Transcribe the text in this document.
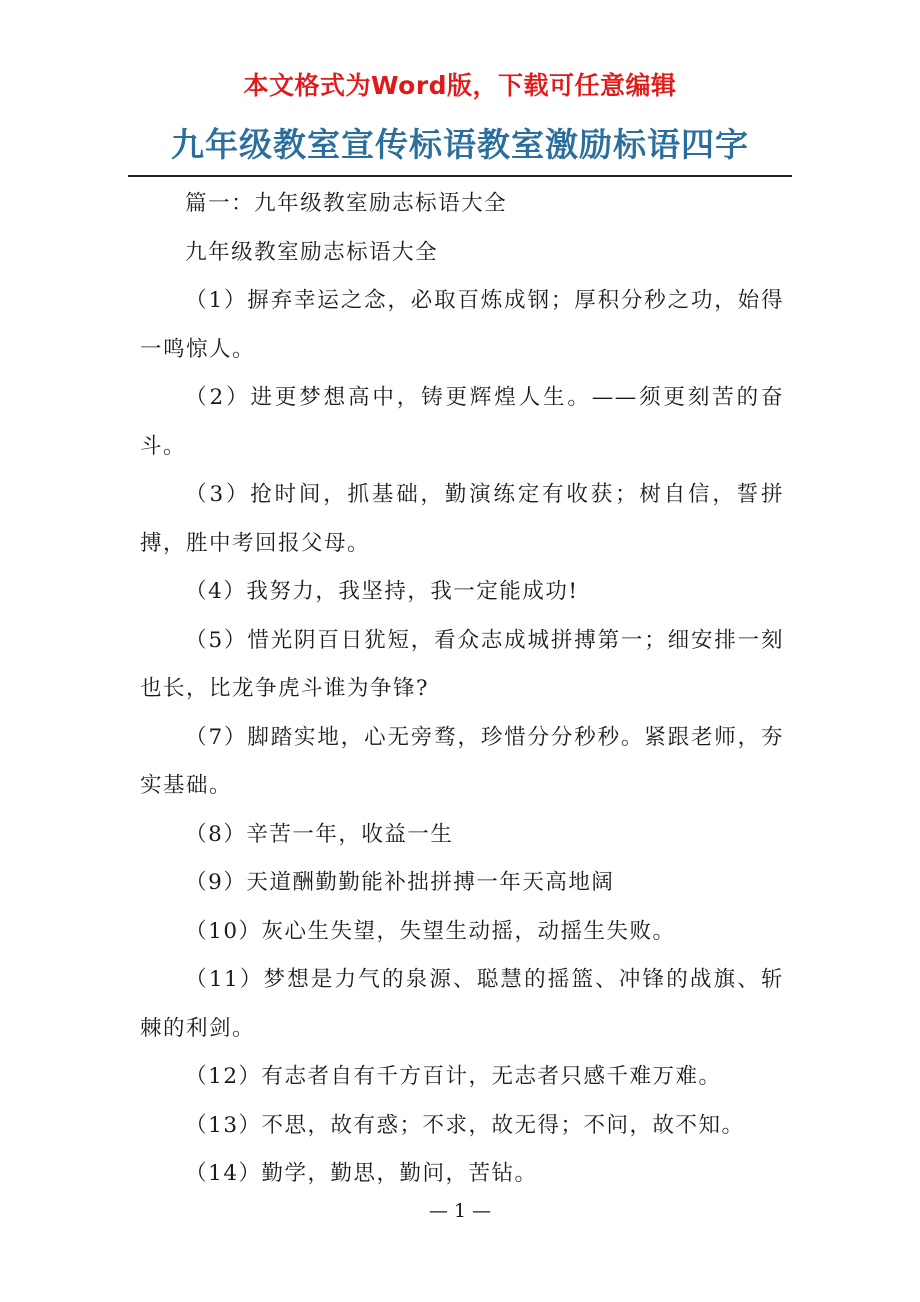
本文格式为Word版，下载可任意编辑
九年级教室宣传标语教室激励标语四字

篇一：九年级教室励志标语大全

九年级教室励志标语大全

（1）摒弃幸运之念，必取百炼成钢；厚积分秒之功，始得一鸣惊人。

（2）进更梦想高中，铸更辉煌人生。——须更刻苦的奋斗。

（3）抢时间，抓基础，勤演练定有收获；树自信，誓拼搏，胜中考回报父母。

（4）我努力，我坚持，我一定能成功!

（5）惜光阴百日犹短，看众志成城拼搏第一；细安排一刻也长，比龙争虎斗谁为争锋?

（7）脚踏实地，心无旁骛，珍惜分分秒秒。紧跟老师，夯实基础。

（8）辛苦一年，收益一生

（9）天道酬勤勤能补拙拼搏一年天高地阔

（10）灰心生失望，失望生动摇，动摇生失败。

（11）梦想是力气的泉源、聪慧的摇篮、冲锋的战旗、斩棘的利剑。

（12）有志者自有千方百计，无志者只感千难万难。

（13）不思，故有惑；不求，故无得；不问，故不知。

（14）勤学，勤思，勤问，苦钻。

— 1 —
